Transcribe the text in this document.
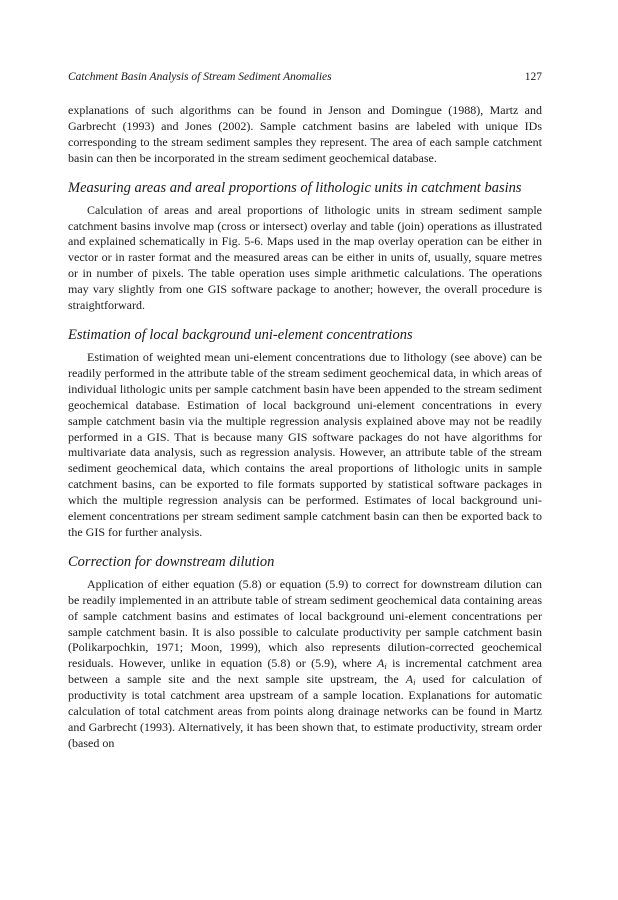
Catchment Basin Analysis of Stream Sediment Anomalies	127

explanations of such algorithms can be found in Jenson and Domingue (1988), Martz and Garbrecht (1993) and Jones (2002). Sample catchment basins are labeled with unique IDs corresponding to the stream sediment samples they represent. The area of each sample catchment basin can then be incorporated in the stream sediment geochemical database.

Measuring areas and areal proportions of lithologic units in catchment basins

Calculation of areas and areal proportions of lithologic units in stream sediment sample catchment basins involve map (cross or intersect) overlay and table (join) operations as illustrated and explained schematically in Fig. 5-6. Maps used in the map overlay operation can be either in vector or in raster format and the measured areas can be either in units of, usually, square metres or in number of pixels. The table operation uses simple arithmetic calculations. The operations may vary slightly from one GIS software package to another; however, the overall procedure is straightforward.

Estimation of local background uni-element concentrations

Estimation of weighted mean uni-element concentrations due to lithology (see above) can be readily performed in the attribute table of the stream sediment geochemical data, in which areas of individual lithologic units per sample catchment basin have been appended to the stream sediment geochemical database. Estimation of local background uni-element concentrations in every sample catchment basin via the multiple regression analysis explained above may not be readily performed in a GIS. That is because many GIS software packages do not have algorithms for multivariate data analysis, such as regression analysis. However, an attribute table of the stream sediment geochemical data, which contains the areal proportions of lithologic units in sample catchment basins, can be exported to file formats supported by statistical software packages in which the multiple regression analysis can be performed. Estimates of local background uni-element concentrations per stream sediment sample catchment basin can then be exported back to the GIS for further analysis.

Correction for downstream dilution

Application of either equation (5.8) or equation (5.9) to correct for downstream dilution can be readily implemented in an attribute table of stream sediment geochemical data containing areas of sample catchment basins and estimates of local background uni-element concentrations per sample catchment basin. It is also possible to calculate productivity per sample catchment basin (Polikarpochkin, 1971; Moon, 1999), which also represents dilution-corrected geochemical residuals. However, unlike in equation (5.8) or (5.9), where $A_i$ is incremental catchment area between a sample site and the next sample site upstream, the $A_i$ used for calculation of productivity is total catchment area upstream of a sample location. Explanations for automatic calculation of total catchment areas from points along drainage networks can be found in Martz and Garbrecht (1993). Alternatively, it has been shown that, to estimate productivity, stream order (based on
